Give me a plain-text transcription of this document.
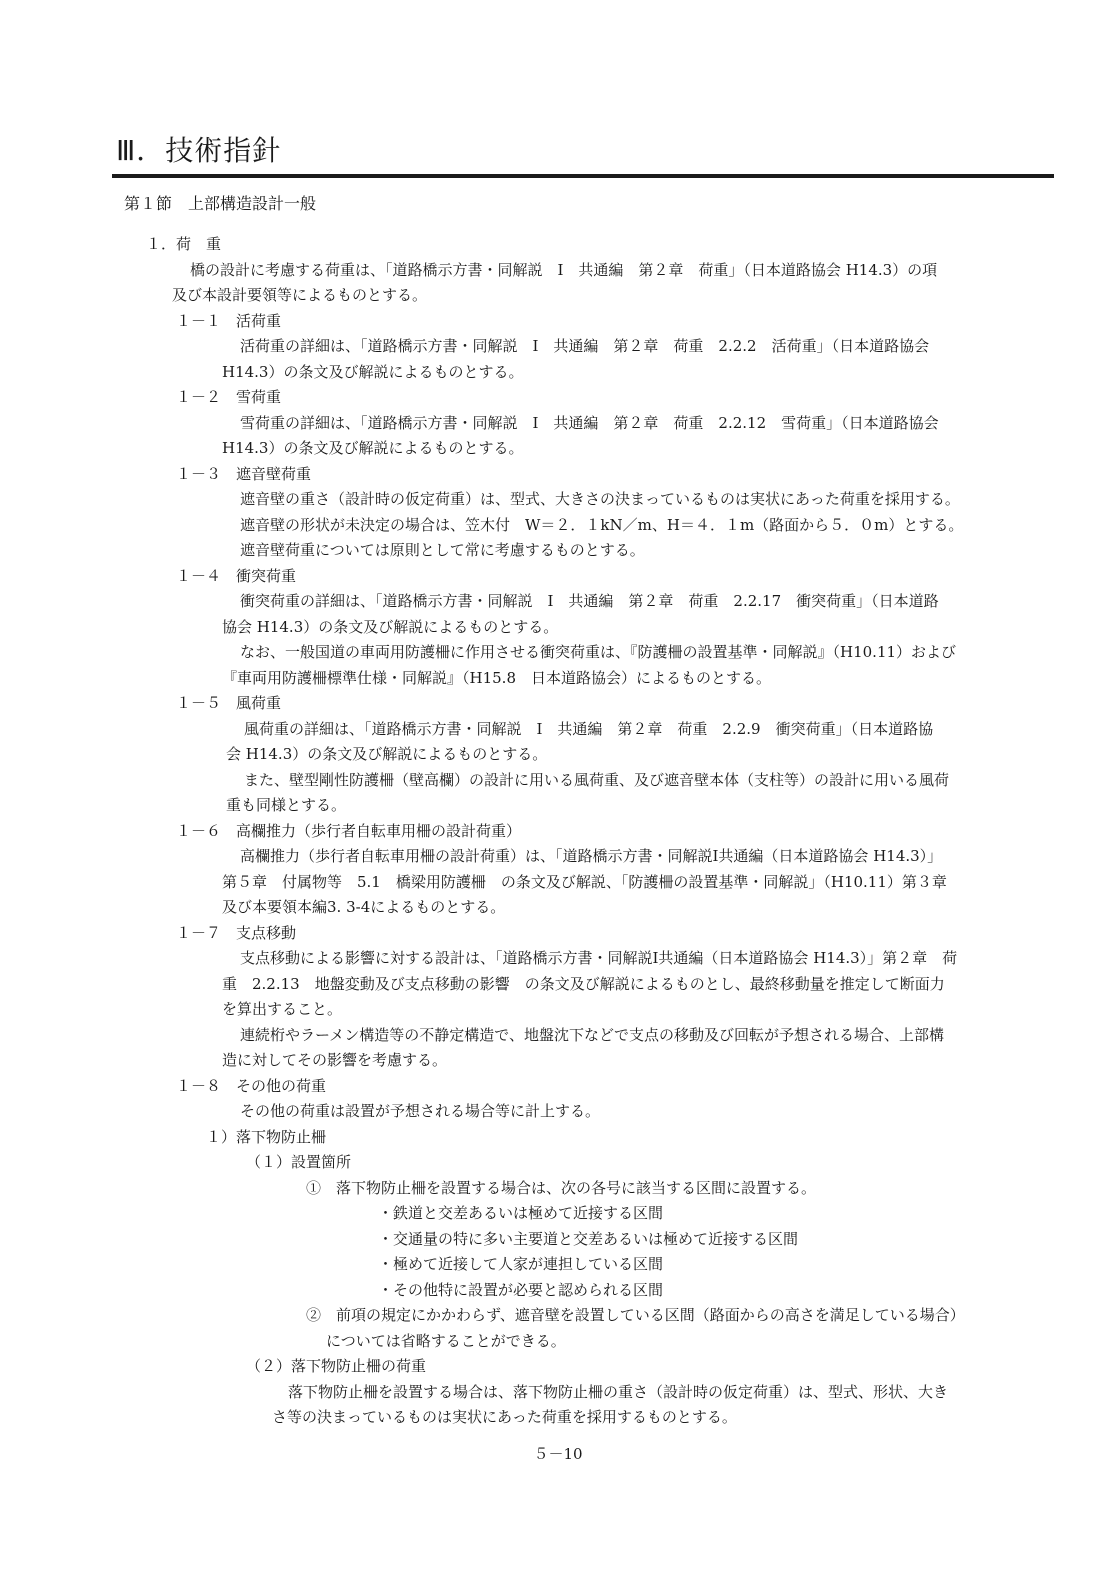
Ⅲ．技術指針
第１節　上部構造設計一般
１．荷　重
橋の設計に考慮する荷重は、「道路橋示方書・同解説　Ⅰ　共通編　第２章　荷重」（日本道路協会 H14.3）の項
及び本設計要領等によるものとする。
１－１　活荷重
活荷重の詳細は、「道路橋示方書・同解説　Ⅰ　共通編　第２章　荷重　2.2.2　活荷重」（日本道路協会
H14.3）の条文及び解説によるものとする。
１－２　雪荷重
雪荷重の詳細は、「道路橋示方書・同解説　Ⅰ　共通編　第２章　荷重　2.2.12　雪荷重」（日本道路協会
H14.3）の条文及び解説によるものとする。
１－３　遮音壁荷重
遮音壁の重さ（設計時の仮定荷重）は、型式、大きさの決まっているものは実状にあった荷重を採用する。
遮音壁の形状が未決定の場合は、笠木付　W＝２．１kN／m、H＝４．１m（路面から５．０m）とする。
遮音壁荷重については原則として常に考慮するものとする。
１－４　衝突荷重
衝突荷重の詳細は、「道路橋示方書・同解説　Ⅰ　共通編　第２章　荷重　2.2.17　衝突荷重」（日本道路
協会 H14.3）の条文及び解説によるものとする。
なお、一般国道の車両用防護柵に作用させる衝突荷重は、『防護柵の設置基準・同解説』（H10.11）および
『車両用防護柵標準仕様・同解説』（H15.8　日本道路協会）によるものとする。
１－５　風荷重
風荷重の詳細は、「道路橋示方書・同解説　Ⅰ　共通編　第２章　荷重　2.2.9　衝突荷重」（日本道路協
会 H14.3）の条文及び解説によるものとする。
また、壁型剛性防護柵（壁高欄）の設計に用いる風荷重、及び遮音壁本体（支柱等）の設計に用いる風荷
重も同様とする。
１－６　高欄推力（歩行者自転車用柵の設計荷重）
高欄推力（歩行者自転車用柵の設計荷重）は、「道路橋示方書・同解説Ⅰ共通編（日本道路協会 H14.3）」
第５章　付属物等　5.1　橋梁用防護柵　の条文及び解説、「防護柵の設置基準・同解説」（H10.11）第３章
及び本要領本編3. 3-4によるものとする。
１－７　支点移動
支点移動による影響に対する設計は、「道路橋示方書・同解説Ⅰ共通編（日本道路協会 H14.3）」第２章　荷
重　2.2.13　地盤変動及び支点移動の影響　の条文及び解説によるものとし、最終移動量を推定して断面力
を算出すること。
連続桁やラーメン構造等の不静定構造で、地盤沈下などで支点の移動及び回転が予想される場合、上部構
造に対してその影響を考慮する。
１－８　その他の荷重
その他の荷重は設置が予想される場合等に計上する。
１）落下物防止柵
（１）設置箇所
①　落下物防止柵を設置する場合は、次の各号に該当する区間に設置する。
・鉄道と交差あるいは極めて近接する区間
・交通量の特に多い主要道と交差あるいは極めて近接する区間
・極めて近接して人家が連担している区間
・その他特に設置が必要と認められる区間
②　前項の規定にかかわらず、遮音壁を設置している区間（路面からの高さを満足している場合）
については省略することができる。
（２）落下物防止柵の荷重
落下物防止柵を設置する場合は、落下物防止柵の重さ（設計時の仮定荷重）は、型式、形状、大き
さ等の決まっているものは実状にあった荷重を採用するものとする。
５－10
